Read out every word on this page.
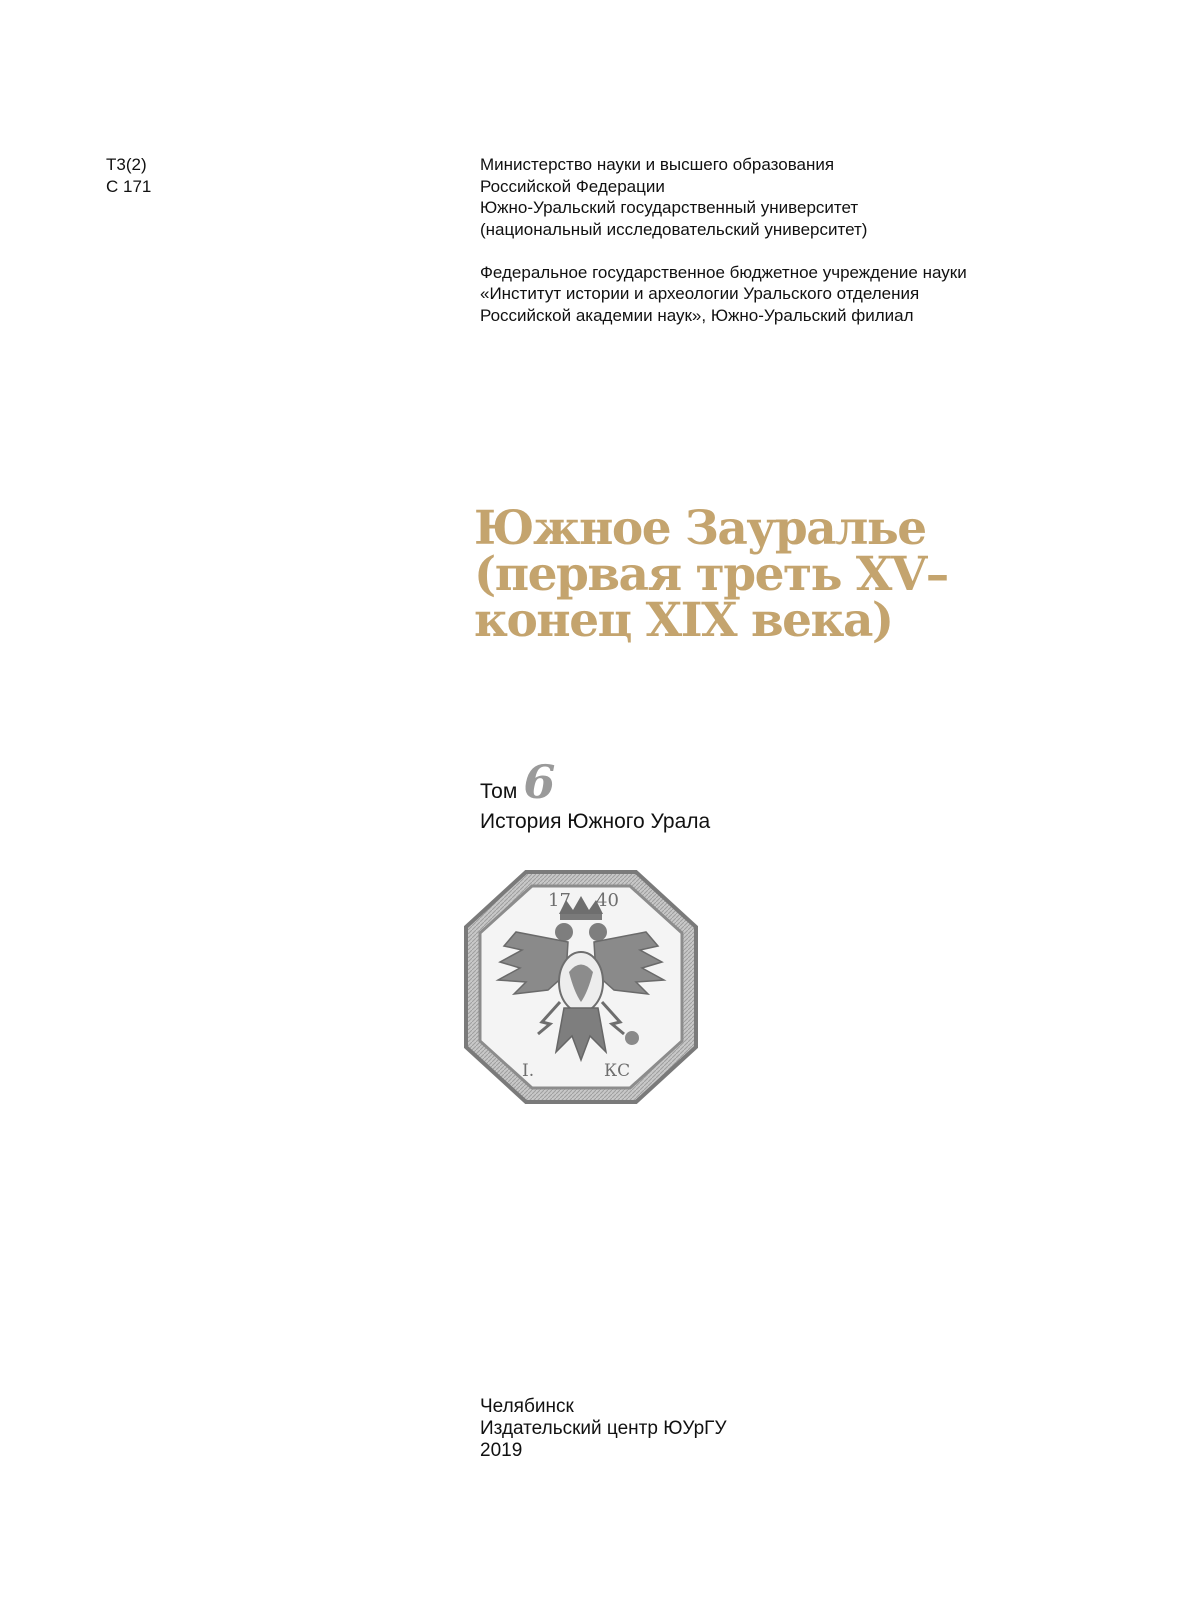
Т3(2)
С 171
Министерство науки и высшего образования
Российской Федерации
Южно-Уральский государственный университет
(национальный исследовательский университет)
Федеральное государственное бюджетное учреждение науки
«Институт истории и археологии Уральского отделения
Российской академии наук», Южно-Уральский филиал
Южное Зауралье
(первая треть XV–
конец XIX века)
Том 6
История Южного Урала
17 40
I.	КС
Челябинск
Издательский центр ЮУрГУ
2019
